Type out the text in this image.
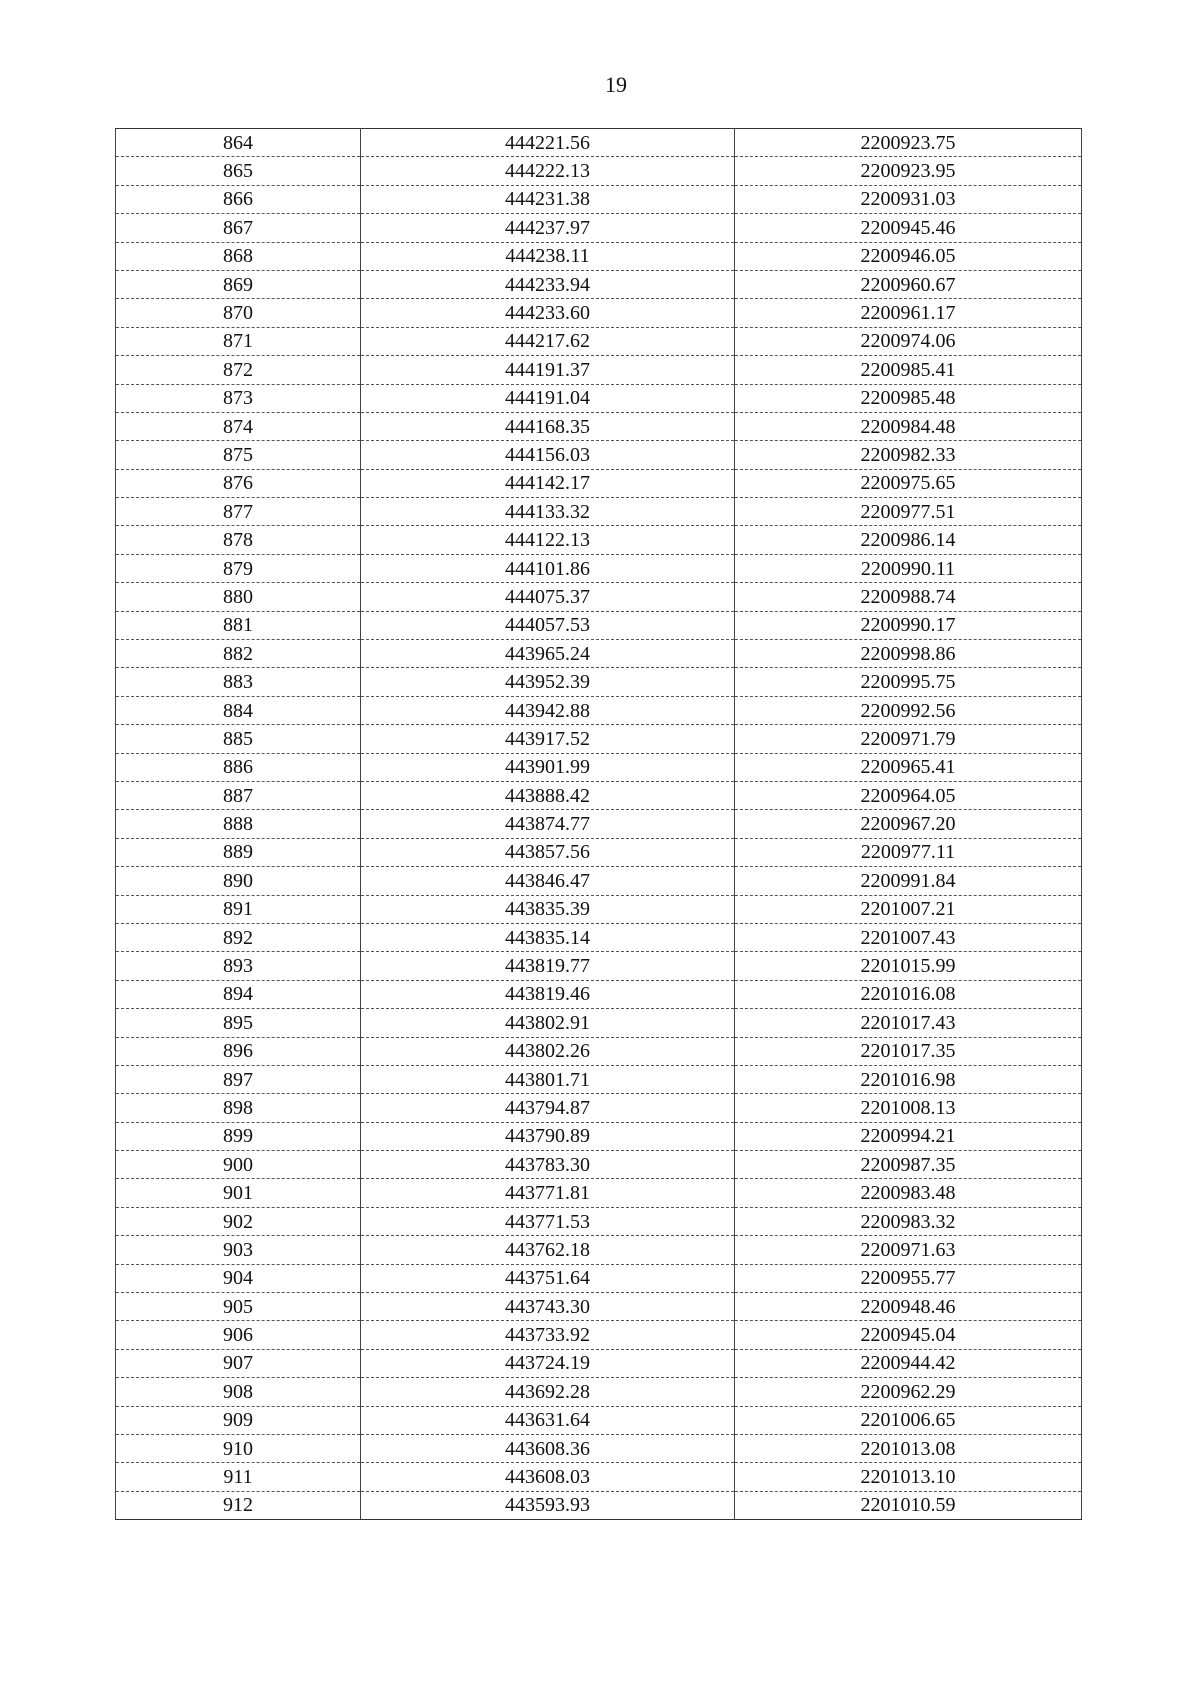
19
864	444221.56	2200923.75
865	444222.13	2200923.95
866	444231.38	2200931.03
867	444237.97	2200945.46
868	444238.11	2200946.05
869	444233.94	2200960.67
870	444233.60	2200961.17
871	444217.62	2200974.06
872	444191.37	2200985.41
873	444191.04	2200985.48
874	444168.35	2200984.48
875	444156.03	2200982.33
876	444142.17	2200975.65
877	444133.32	2200977.51
878	444122.13	2200986.14
879	444101.86	2200990.11
880	444075.37	2200988.74
881	444057.53	2200990.17
882	443965.24	2200998.86
883	443952.39	2200995.75
884	443942.88	2200992.56
885	443917.52	2200971.79
886	443901.99	2200965.41
887	443888.42	2200964.05
888	443874.77	2200967.20
889	443857.56	2200977.11
890	443846.47	2200991.84
891	443835.39	2201007.21
892	443835.14	2201007.43
893	443819.77	2201015.99
894	443819.46	2201016.08
895	443802.91	2201017.43
896	443802.26	2201017.35
897	443801.71	2201016.98
898	443794.87	2201008.13
899	443790.89	2200994.21
900	443783.30	2200987.35
901	443771.81	2200983.48
902	443771.53	2200983.32
903	443762.18	2200971.63
904	443751.64	2200955.77
905	443743.30	2200948.46
906	443733.92	2200945.04
907	443724.19	2200944.42
908	443692.28	2200962.29
909	443631.64	2201006.65
910	443608.36	2201013.08
911	443608.03	2201013.10
912	443593.93	2201010.59
